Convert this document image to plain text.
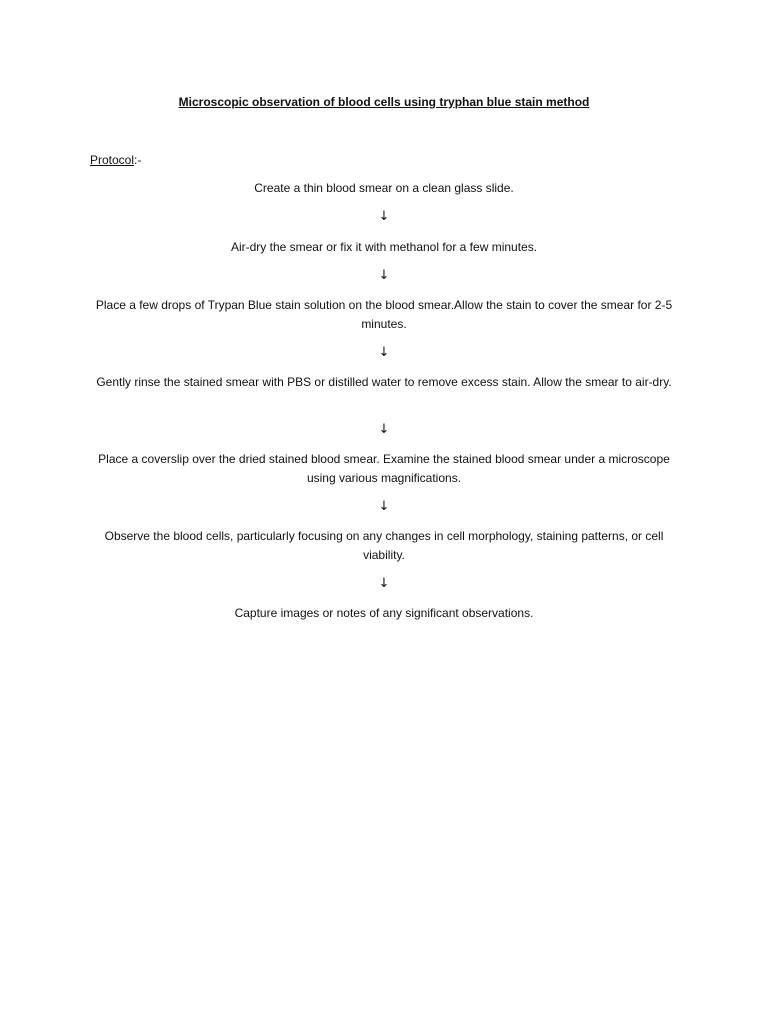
Microscopic observation of blood cells using tryphan blue stain method
Protocol:-
Create a thin blood smear on a clean glass slide.
↓
Air-dry the smear or fix it with methanol for a few minutes.
↓
Place a few drops of Trypan Blue stain solution on the blood smear.Allow the stain to cover the smear for 2-5 minutes.
↓
Gently rinse the stained smear with PBS or distilled water to remove excess stain. Allow the smear to air-dry.
↓
Place a coverslip over the dried stained blood smear. Examine the stained blood smear under a microscope using various magnifications.
↓
Observe the blood cells, particularly focusing on any changes in cell morphology, staining patterns, or cell viability.
↓
Capture images or notes of any significant observations.
